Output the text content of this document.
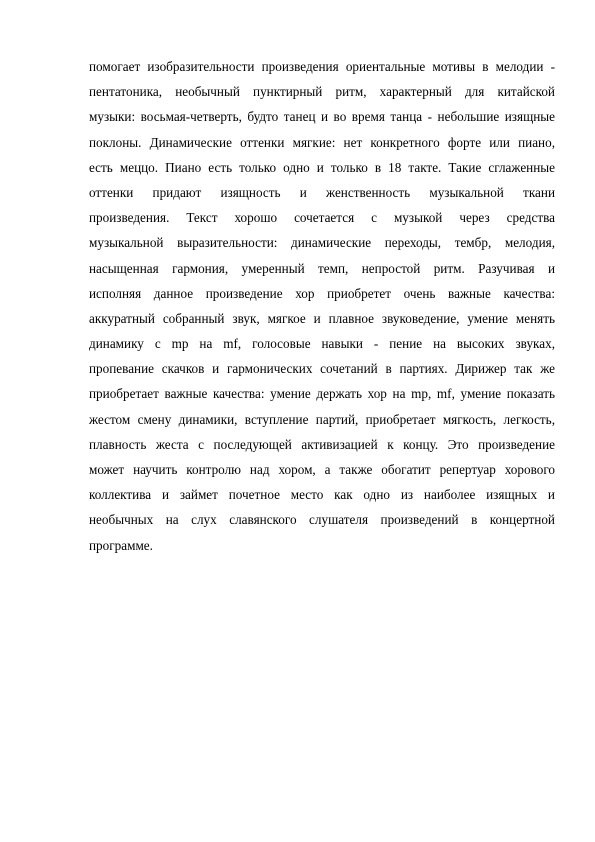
помогает изобразительности произведения ориентальные мотивы в мелодии -
пентатоника, необычный пунктирный ритм, характерный для китайской
музыки: восьмая-четверть, будто танец и во время танца - небольшие изящные
поклоны. Динамические оттенки мягкие: нет конкретного форте или пиано,
есть меццо. Пиано есть только одно и только в 18 такте. Такие сглаженные
оттенки придают изящность и женственность музыкальной ткани
произведения. Текст хорошо сочетается с музыкой через средства
музыкальной выразительности: динамические переходы, тембр, мелодия,
насыщенная гармония, умеренный темп, непростой ритм. Разучивая и
исполняя данное произведение хор приобретет очень важные качества:
аккуратный собранный звук, мягкое и плавное звуковедение, умение менять
динамику с mp на mf, голосовые навыки - пение на высоких звуках,
пропевание скачков и гармонических сочетаний в партиях. Дирижер так же
приобретает важные качества: умение держать хор на mp, mf, умение показать
жестом смену динамики, вступление партий, приобретает мягкость, легкость,
плавность жеста с последующей активизацией к концу. Это произведение
может научить контролю над хором, а также обогатит репертуар хорового
коллектива и займет почетное место как одно из наиболее изящных и
необычных на слух славянского слушателя произведений в концертной
программе.
